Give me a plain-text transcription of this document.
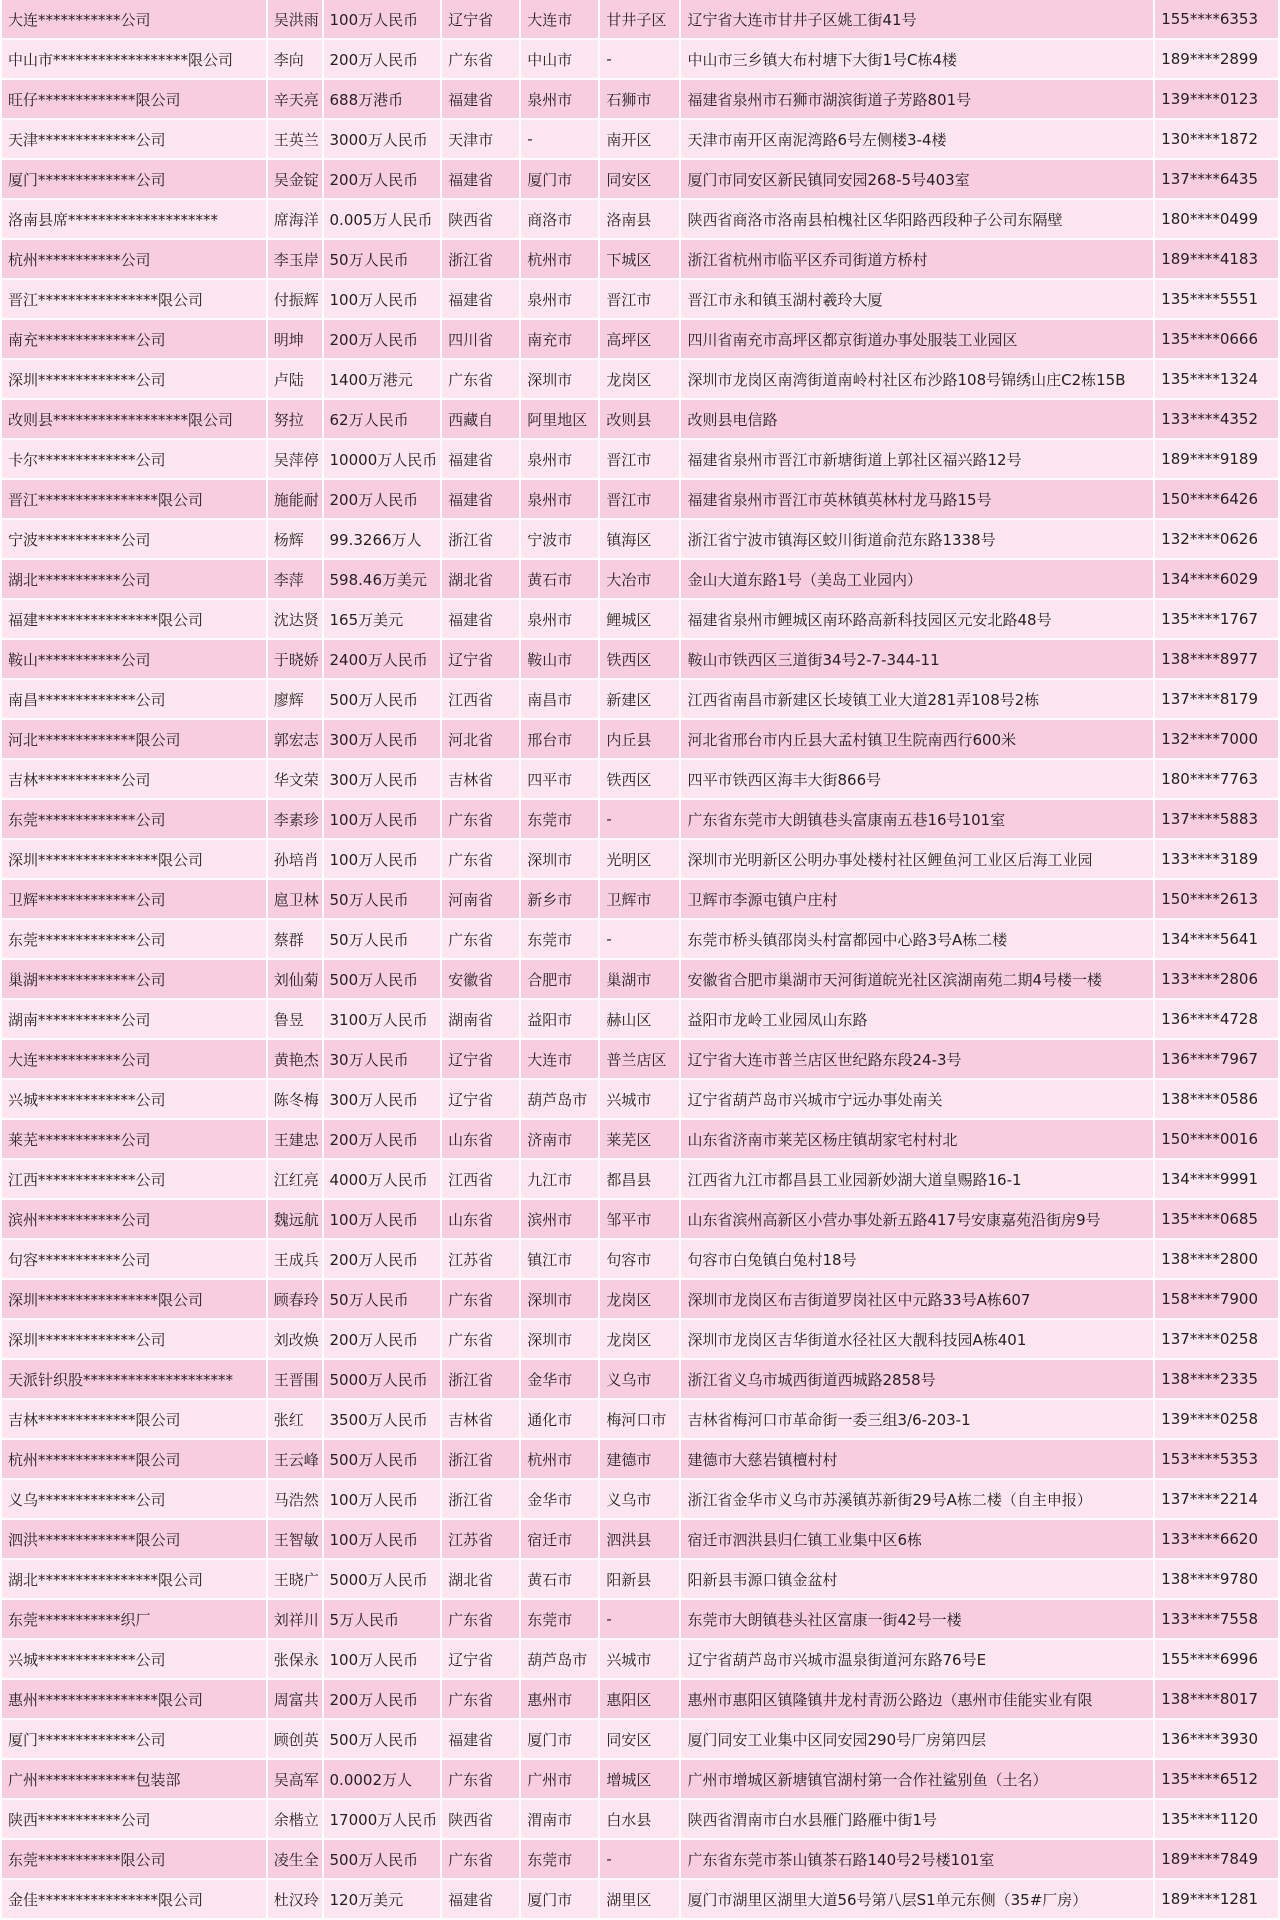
大连***********公司	吴洪雨	100万人民币	辽宁省	大连市	甘井子区	辽宁省大连市甘井子区姚工街41号	155****6353
中山市******************限公司	李向	200万人民币	广东省	中山市	-	中山市三乡镇大布村塘下大街1号C栋4楼	189****2899
旺仔*************限公司	辛天亮	688万港币	福建省	泉州市	石狮市	福建省泉州市石狮市湖滨街道子芳路801号	139****0123
天津*************公司	王英兰	3000万人民币	天津市	-	南开区	天津市南开区南泥湾路6号左侧楼3-4楼	130****1872
厦门*************公司	吴金锭	200万人民币	福建省	厦门市	同安区	厦门市同安区新民镇同安园268-5号403室	137****6435
洛南县席********************	席海洋	0.005万人民币	陕西省	商洛市	洛南县	陕西省商洛市洛南县柏槐社区华阳路西段种子公司东隔壁	180****0499
杭州***********公司	李玉岸	50万人民币	浙江省	杭州市	下城区	浙江省杭州市临平区乔司街道方桥村	189****4183
晋江****************限公司	付振辉	100万人民币	福建省	泉州市	晋江市	晋江市永和镇玉湖村羲玲大厦	135****5551
南充*************公司	明坤	200万人民币	四川省	南充市	高坪区	四川省南充市高坪区都京街道办事处服装工业园区	135****0666
深圳*************公司	卢陆	1400万港元	广东省	深圳市	龙岗区	深圳市龙岗区南湾街道南岭村社区布沙路108号锦绣山庄C2栋15B	135****1324
改则县******************限公司	努拉	62万人民币	西藏自	阿里地区	改则县	改则县电信路	133****4352
卡尔*************公司	吴萍停	10000万人民币	福建省	泉州市	晋江市	福建省泉州市晋江市新塘街道上郭社区福兴路12号	189****9189
晋江****************限公司	施能耐	200万人民币	福建省	泉州市	晋江市	福建省泉州市晋江市英林镇英林村龙马路15号	150****6426
宁波***********公司	杨辉	99.3266万人	浙江省	宁波市	镇海区	浙江省宁波市镇海区蛟川街道俞范东路1338号	132****0626
湖北***********公司	李萍	598.46万美元	湖北省	黄石市	大冶市	金山大道东路1号（美岛工业园内）	134****6029
福建****************限公司	沈达贤	165万美元	福建省	泉州市	鲤城区	福建省泉州市鲤城区南环路高新科技园区元安北路48号	135****1767
鞍山***********公司	于晓娇	2400万人民币	辽宁省	鞍山市	铁西区	鞍山市铁西区三道街34号2-7-344-11	138****8977
南昌*************公司	廖辉	500万人民币	江西省	南昌市	新建区	江西省南昌市新建区长堎镇工业大道281弄108号2栋	137****8179
河北*************限公司	郭宏志	300万人民币	河北省	邢台市	内丘县	河北省邢台市内丘县大孟村镇卫生院南西行600米	132****7000
吉林***********公司	华文荣	300万人民币	吉林省	四平市	铁西区	四平市铁西区海丰大街866号	180****7763
东莞*************公司	李素珍	100万人民币	广东省	东莞市	-	广东省东莞市大朗镇巷头富康南五巷16号101室	137****5883
深圳****************限公司	孙培肖	100万人民币	广东省	深圳市	光明区	深圳市光明新区公明办事处楼村社区鲤鱼河工业区后海工业园	133****3189
卫辉*************公司	扈卫林	50万人民币	河南省	新乡市	卫辉市	卫辉市李源屯镇户庄村	150****2613
东莞*************公司	蔡群	50万人民币	广东省	东莞市	-	东莞市桥头镇邵岗头村富都园中心路3号A栋二楼	134****5641
巢湖*************公司	刘仙菊	500万人民币	安徽省	合肥市	巢湖市	安徽省合肥市巢湖市天河街道皖光社区滨湖南苑二期4号楼一楼	133****2806
湖南***********公司	鲁昱	3100万人民币	湖南省	益阳市	赫山区	益阳市龙岭工业园凤山东路	136****4728
大连***********公司	黄艳杰	30万人民币	辽宁省	大连市	普兰店区	辽宁省大连市普兰店区世纪路东段24-3号	136****7967
兴城*************公司	陈冬梅	300万人民币	辽宁省	葫芦岛市	兴城市	辽宁省葫芦岛市兴城市宁远办事处南关	138****0586
莱芜***********公司	王建忠	200万人民币	山东省	济南市	莱芜区	山东省济南市莱芜区杨庄镇胡家宅村村北	150****0016
江西*************公司	江红亮	4000万人民币	江西省	九江市	都昌县	江西省九江市都昌县工业园新妙湖大道皇赐路16-1	134****9991
滨州***********公司	魏远航	100万人民币	山东省	滨州市	邹平市	山东省滨州高新区小营办事处新五路417号安康嘉苑沿街房9号	135****0685
句容***********公司	王成兵	200万人民币	江苏省	镇江市	句容市	句容市白兔镇白兔村18号	138****2800
深圳****************限公司	顾春玲	50万人民币	广东省	深圳市	龙岗区	深圳市龙岗区布吉街道罗岗社区中元路33号A栋607	158****7900
深圳*************公司	刘改焕	200万人民币	广东省	深圳市	龙岗区	深圳市龙岗区吉华街道水径社区大靓科技园A栋401	137****0258
天派针织股********************	王晋围	5000万人民币	浙江省	金华市	义乌市	浙江省义乌市城西街道西城路2858号	138****2335
吉林*************限公司	张红	3500万人民币	吉林省	通化市	梅河口市	吉林省梅河口市革命街一委三组3/6-203-1	139****0258
杭州*************限公司	王云峰	500万人民币	浙江省	杭州市	建德市	建德市大慈岩镇檀村村	153****5353
义乌*************公司	马浩然	100万人民币	浙江省	金华市	义乌市	浙江省金华市义乌市苏溪镇苏新街29号A栋二楼（自主申报）	137****2214
泗洪*************限公司	王智敏	100万人民币	江苏省	宿迁市	泗洪县	宿迁市泗洪县归仁镇工业集中区6栋	133****6620
湖北****************限公司	王晓广	5000万人民币	湖北省	黄石市	阳新县	阳新县韦源口镇金盆村	138****9780
东莞***********织厂	刘祥川	5万人民币	广东省	东莞市	-	东莞市大朗镇巷头社区富康一街42号一楼	133****7558
兴城*************公司	张保永	100万人民币	辽宁省	葫芦岛市	兴城市	辽宁省葫芦岛市兴城市温泉街道河东路76号E	155****6996
惠州****************限公司	周富共	200万人民币	广东省	惠州市	惠阳区	惠州市惠阳区镇隆镇井龙村青沥公路边（惠州市佳能实业有限	138****8017
厦门*************公司	顾创英	500万人民币	福建省	厦门市	同安区	厦门同安工业集中区同安园290号厂房第四层	136****3930
广州*************包装部	吴高军	0.0002万人	广东省	广州市	增城区	广州市增城区新塘镇官湖村第一合作社鲨别鱼（土名）	135****6512
陕西***********公司	余楷立	17000万人民币	陕西省	渭南市	白水县	陕西省渭南市白水县雁门路雁中街1号	135****1120
东莞***********限公司	凌生全	500万人民币	广东省	东莞市	-	广东省东莞市茶山镇茶石路140号2号楼101室	189****7849
金佳****************限公司	杜汉玲	120万美元	福建省	厦门市	湖里区	厦门市湖里区湖里大道56号第八层S1单元东侧（35#厂房）	189****1281
